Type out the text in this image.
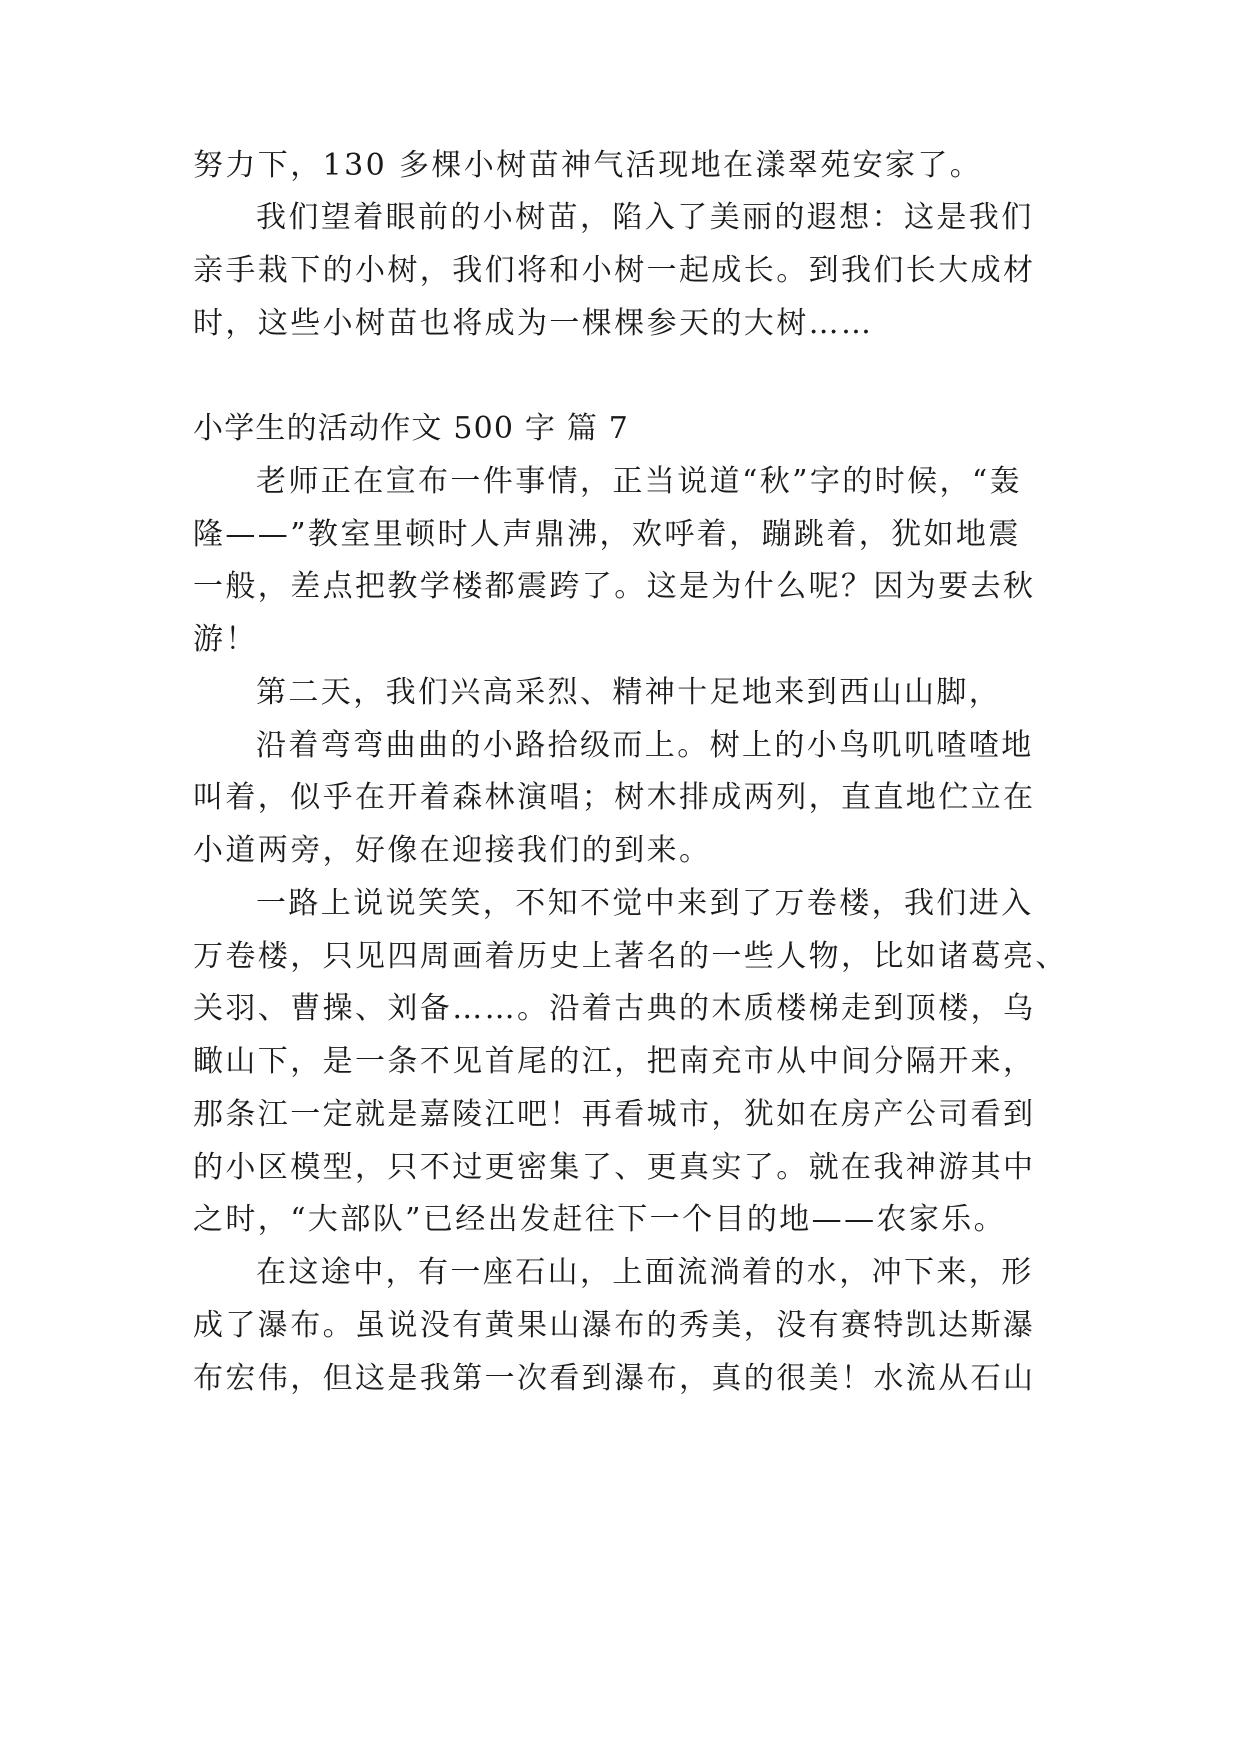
努力下，130 多棵小树苗神气活现地在漾翠苑安家了。
我们望着眼前的小树苗，陷入了美丽的遐想：这是我们
亲手栽下的小树，我们将和小树一起成长。到我们长大成材
时，这些小树苗也将成为一棵棵参天的大树……
小学生的活动作文 500 字 篇 7
老师正在宣布一件事情，正当说道“秋”字的时候，“轰
隆——”教室里顿时人声鼎沸，欢呼着，蹦跳着，犹如地震
一般，差点把教学楼都震跨了。这是为什么呢？因为要去秋
游！
第二天，我们兴高采烈、精神十足地来到西山山脚，
沿着弯弯曲曲的小路拾级而上。树上的小鸟叽叽喳喳地
叫着，似乎在开着森林演唱；树木排成两列，直直地伫立在
小道两旁，好像在迎接我们的到来。
一路上说说笑笑，不知不觉中来到了万卷楼，我们进入
万卷楼，只见四周画着历史上著名的一些人物，比如诸葛亮、
关羽、曹操、刘备……。沿着古典的木质楼梯走到顶楼，乌
瞰山下，是一条不见首尾的江，把南充市从中间分隔开来，
那条江一定就是嘉陵江吧！再看城市，犹如在房产公司看到
的小区模型，只不过更密集了、更真实了。就在我神游其中
之时，“大部队”已经出发赶往下一个目的地——农家乐。
在这途中，有一座石山，上面流淌着的水，冲下来，形
成了瀑布。虽说没有黄果山瀑布的秀美，没有赛特凯达斯瀑
布宏伟，但这是我第一次看到瀑布，真的很美！水流从石山
